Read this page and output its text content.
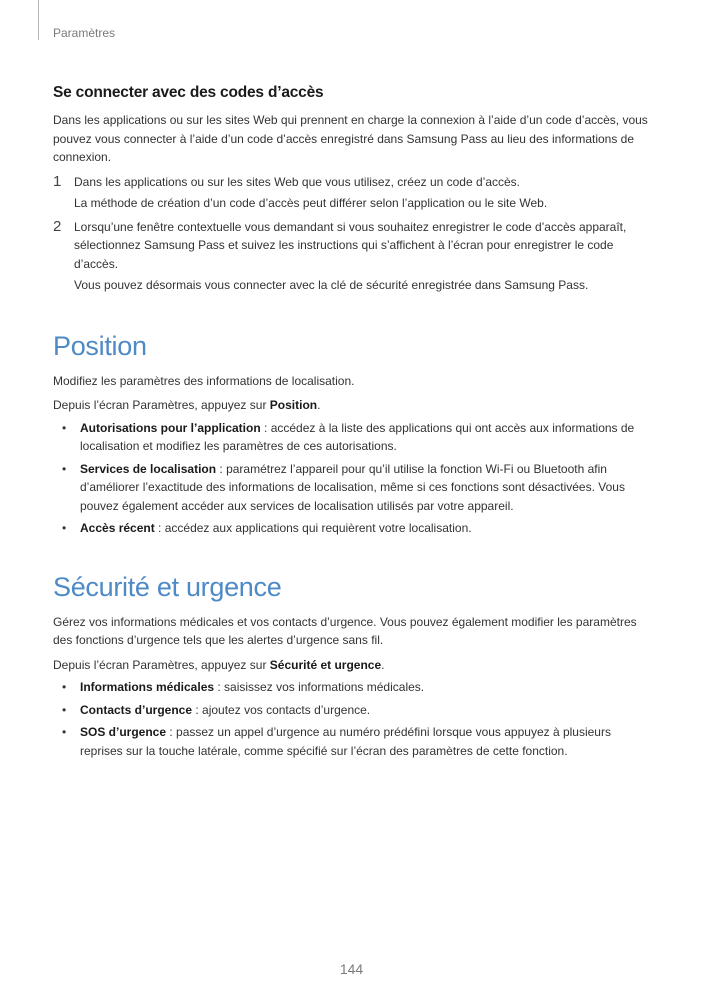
Paramètres
Se connecter avec des codes d’accès

Dans les applications ou sur les sites Web qui prennent en charge la connexion à l’aide d’un code d’accès, vous pouvez vous connecter à l’aide d’un code d’accès enregistré dans Samsung Pass au lieu des informations de connexion.

1 Dans les applications ou sur les sites Web que vous utilisez, créez un code d’accès.

La méthode de création d’un code d’accès peut différer selon l’application ou le site Web.

2 Lorsqu’une fenêtre contextuelle vous demandant si vous souhaitez enregistrer le code d’accès apparaît, sélectionnez Samsung Pass et suivez les instructions qui s’affichent à l’écran pour enregistrer le code d’accès.

Vous pouvez désormais vous connecter avec la clé de sécurité enregistrée dans Samsung Pass.

Position

Modifiez les paramètres des informations de localisation.

Depuis l’écran Paramètres, appuyez sur Position.

• Autorisations pour l’application : accédez à la liste des applications qui ont accès aux informations de localisation et modifiez les paramètres de ces autorisations.

• Services de localisation : paramétrez l’appareil pour qu’il utilise la fonction Wi-Fi ou Bluetooth afin d’améliorer l’exactitude des informations de localisation, même si ces fonctions sont désactivées. Vous pouvez également accéder aux services de localisation utilisés par votre appareil.

• Accès récent : accédez aux applications qui requièrent votre localisation.

Sécurité et urgence

Gérez vos informations médicales et vos contacts d’urgence. Vous pouvez également modifier les paramètres des fonctions d’urgence tels que les alertes d’urgence sans fil.

Depuis l’écran Paramètres, appuyez sur Sécurité et urgence.

• Informations médicales : saisissez vos informations médicales.

• Contacts d’urgence : ajoutez vos contacts d’urgence.

• SOS d’urgence : passez un appel d’urgence au numéro prédéfini lorsque vous appuyez à plusieurs reprises sur la touche latérale, comme spécifié sur l’écran des paramètres de cette fonction.

144
